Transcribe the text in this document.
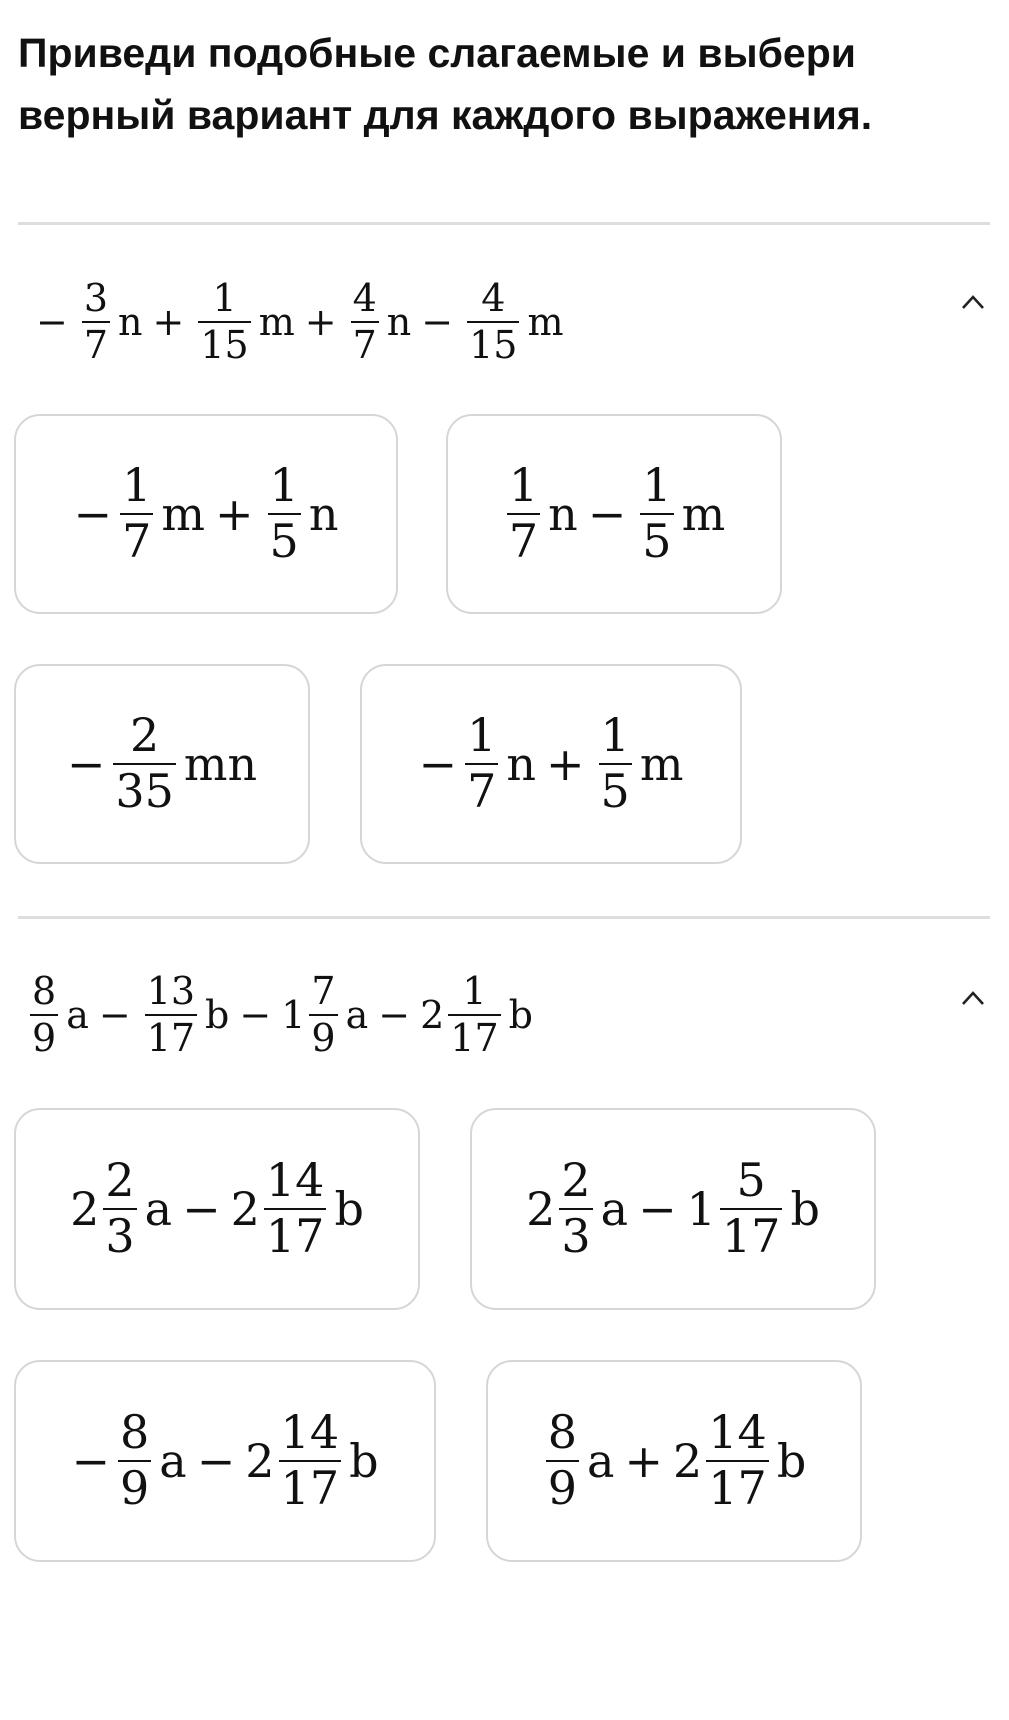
Приведи подобные слагаемые и выбери
верный вариант для каждого выражения.
− $\frac{3}{7}$ $n + \frac{1}{15}$ $m + \frac{4}{7}$ $n - \frac{4}{15}$ m
− $\frac{1}{7}$ $m + \frac{1}{5}$ n	$\frac{1}{7}$ $n - \frac{1}{5}$ m
− $\frac{2}{35}$ mn	− $\frac{1}{7}$ $n + \frac{1}{5}$ m
$\frac{8}{9}$ $a - \frac{13}{17}$ $b - 1 \frac{7}{9}$ $a - 2 \frac{1}{17}$ b
$2 \frac{2}{3}$ $a - 2 \frac{14}{17}$ b	$2 \frac{2}{3}$ $a - 1 \frac{5}{17}$ b
− $\frac{8}{9}$ $a - 2 \frac{14}{17}$ b	$\frac{8}{9}$ $a + 2 \frac{14}{17}$ b
